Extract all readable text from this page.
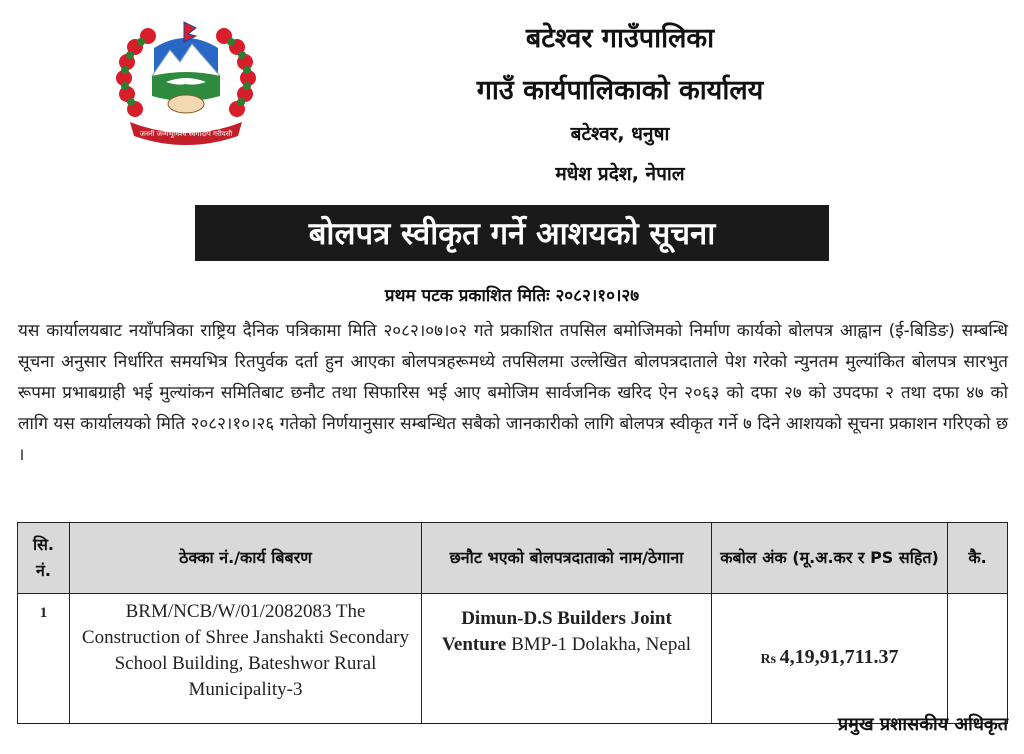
जननी जन्मभूमिश्च स्वर्गादपि गरीयसी
बटेश्वर गाउँपालिका
गाउँ कार्यपालिकाको कार्यालय
बटेश्वर, धनुषा
मधेश प्रदेश, नेपाल
बोलपत्र स्वीकृत गर्ने आशयको सूचना
प्रथम पटक प्रकाशित मितिः २०८२।१०।२७

यस कार्यालयबाट नयाँपत्रिका राष्ट्रिय दैनिक पत्रिकामा मिति २०८२।०७।०२ गते प्रकाशित तपसिल बमोजिमको निर्माण कार्यको बोलपत्र आह्वान (ई-बिडिङ) सम्बन्धि सूचना अनुसार निर्धारित समयभित्र रितपुर्वक दर्ता हुन आएका बोलपत्रहरूमध्ये तपसिलमा उल्लेखित बोलपत्रदाताले पेश गरेको न्युनतम मुल्यांकित बोलपत्र सारभुत रूपमा प्रभाबग्राही भई मुल्यांकन समितिबाट छनौट तथा सिफारिस भई आए बमोजिम सार्वजनिक खरिद ऐन २०६३ को दफा २७ को उपदफा २ तथा दफा ४७ को लागि यस कार्यालयको मिति २०८२।१०।२६ गतेको निर्णयानुसार सम्बन्धित सबैको जानकारीको लागि बोलपत्र स्वीकृत गर्ने ७ दिने आशयको सूचना प्रकाशन गरिएको छ ।

सि. नं.	ठेक्का नं./कार्य बिबरण	छनौट भएको बोलपत्रदाताको नाम/ठेगाना	कबोल अंक (मू.अ.कर र PS सहित)	कै.
1	BRM/NCB/W/01/2082083 The Construction of Shree Janshakti Secondary School Building, Bateshwor Rural Municipality-3	Dimun-D.S Builders Joint Venture BMP-1 Dolakha, Nepal	Rs 4,19,91,711.37	
प्रमुख प्रशासकीय अधिकृत
